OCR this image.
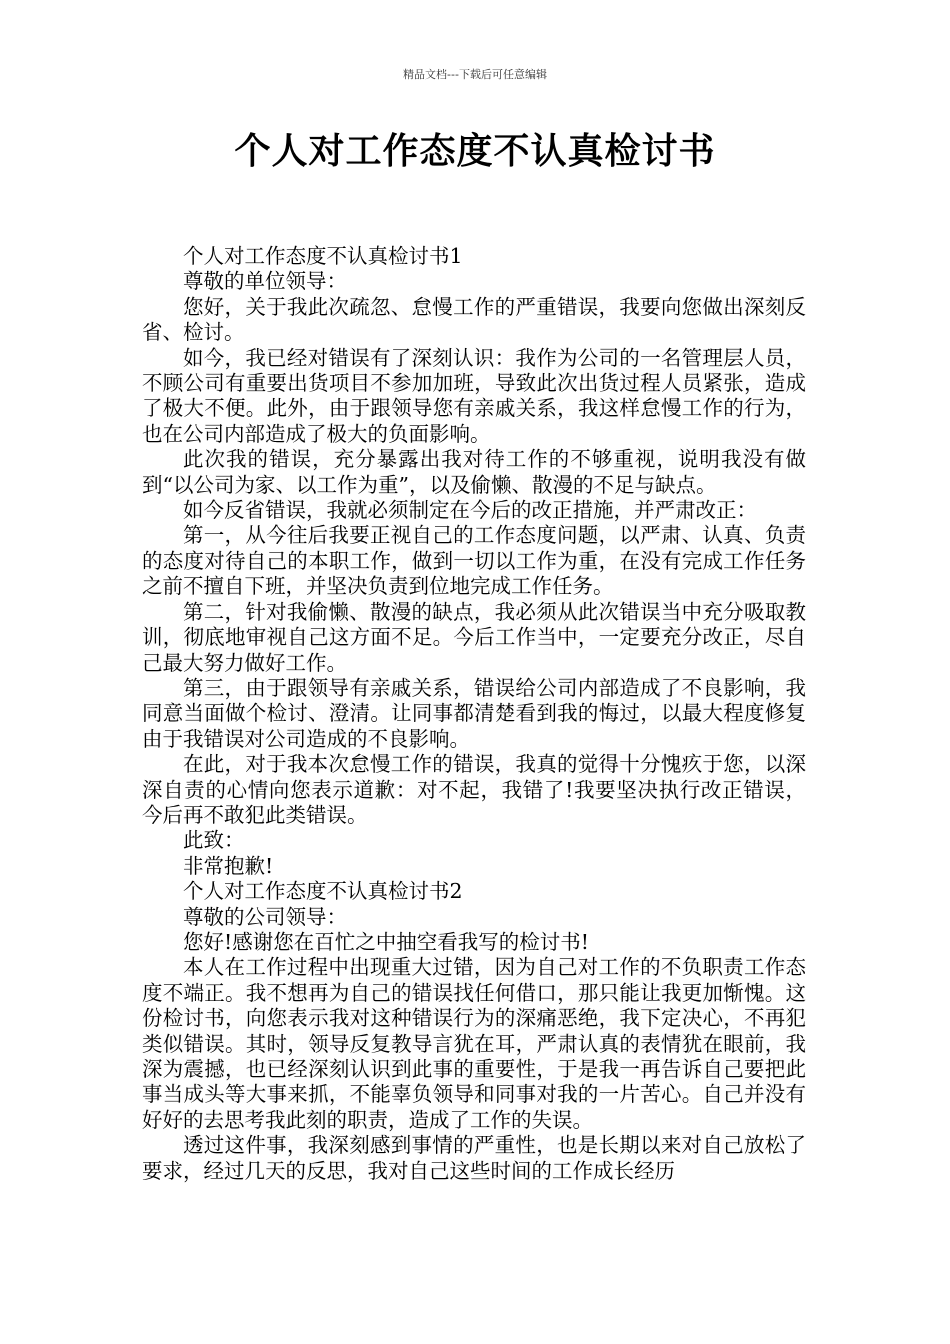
精品文档---下载后可任意编辑
个人对工作态度不认真检讨书

个人对工作态度不认真检讨书1

尊敬的单位领导：

您好，关于我此次疏忽、怠慢工作的严重错误，我要向您做出深刻反省、检讨。

如今，我已经对错误有了深刻认识：我作为公司的一名管理层人员，不顾公司有重要出货项目不参加加班，导致此次出货过程人员紧张，造成了极大不便。此外，由于跟领导您有亲戚关系，我这样怠慢工作的行为，也在公司内部造成了极大的负面影响。

此次我的错误，充分暴露出我对待工作的不够重视，说明我没有做到“以公司为家、以工作为重”，以及偷懒、散漫的不足与缺点。

如今反省错误，我就必须制定在今后的改正措施，并严肃改正：

第一，从今往后我要正视自己的工作态度问题，以严肃、认真、负责的态度对待自己的本职工作，做到一切以工作为重，在没有完成工作任务之前不擅自下班，并坚决负责到位地完成工作任务。

第二，针对我偷懒、散漫的缺点，我必须从此次错误当中充分吸取教训，彻底地审视自己这方面不足。今后工作当中，一定要充分改正，尽自己最大努力做好工作。

第三，由于跟领导有亲戚关系，错误给公司内部造成了不良影响，我同意当面做个检讨、澄清。让同事都清楚看到我的悔过，以最大程度修复由于我错误对公司造成的不良影响。

在此，对于我本次怠慢工作的错误，我真的觉得十分愧疚于您，以深深自责的心情向您表示道歉：对不起，我错了!我要坚决执行改正错误，今后再不敢犯此类错误。

此致：

非常抱歉!

个人对工作态度不认真检讨书2

尊敬的公司领导：

您好!感谢您在百忙之中抽空看我写的检讨书!

本人在工作过程中出现重大过错，因为自己对工作的不负职责工作态度不端正。我不想再为自己的错误找任何借口，那只能让我更加惭愧。这份检讨书，向您表示我对这种错误行为的深痛恶绝，我下定决心，不再犯类似错误。其时，领导反复教导言犹在耳，严肃认真的表情犹在眼前，我深为震撼，也已经深刻认识到此事的重要性，于是我一再告诉自己要把此事当成头等大事来抓，不能辜负领导和同事对我的一片苦心。自己并没有好好的去思考我此刻的职责，造成了工作的失误。

透过这件事，我深刻感到事情的严重性，也是长期以来对自己放松了要求，经过几天的反思，我对自己这些时间的工作成长经历
